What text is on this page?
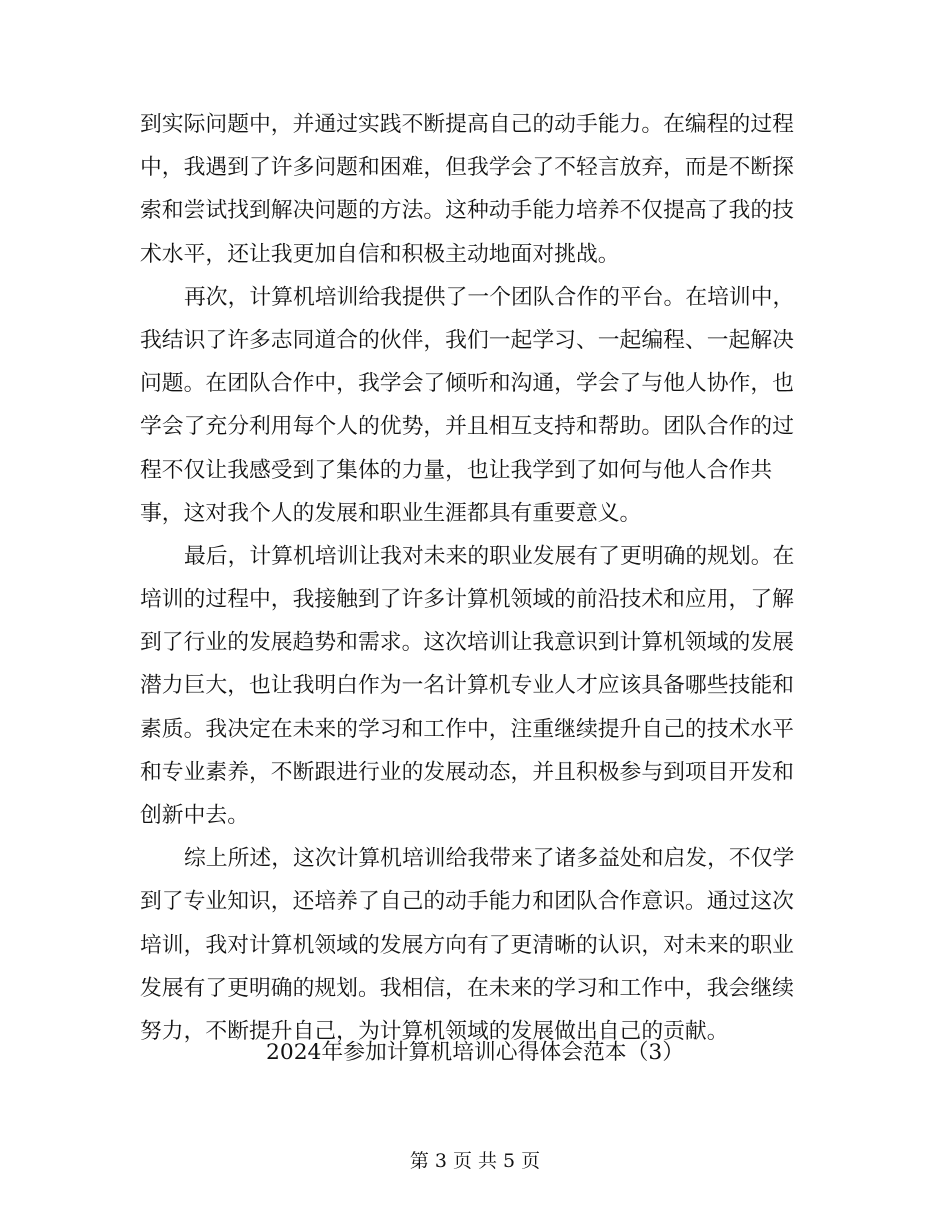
到实际问题中，并通过实践不断提高自己的动手能力。在编程的过程
中，我遇到了许多问题和困难，但我学会了不轻言放弃，而是不断探
索和尝试找到解决问题的方法。这种动手能力培养不仅提高了我的技
术水平，还让我更加自信和积极主动地面对挑战。
再次，计算机培训给我提供了一个团队合作的平台。在培训中，
我结识了许多志同道合的伙伴，我们一起学习、一起编程、一起解决
问题。在团队合作中，我学会了倾听和沟通，学会了与他人协作，也
学会了充分利用每个人的优势，并且相互支持和帮助。团队合作的过
程不仅让我感受到了集体的力量，也让我学到了如何与他人合作共
事，这对我个人的发展和职业生涯都具有重要意义。
最后，计算机培训让我对未来的职业发展有了更明确的规划。在
培训的过程中，我接触到了许多计算机领域的前沿技术和应用，了解
到了行业的发展趋势和需求。这次培训让我意识到计算机领域的发展
潜力巨大，也让我明白作为一名计算机专业人才应该具备哪些技能和
素质。我决定在未来的学习和工作中，注重继续提升自己的技术水平
和专业素养，不断跟进行业的发展动态，并且积极参与到项目开发和
创新中去。
综上所述，这次计算机培训给我带来了诸多益处和启发，不仅学
到了专业知识，还培养了自己的动手能力和团队合作意识。通过这次
培训，我对计算机领域的发展方向有了更清晰的认识，对未来的职业
发展有了更明确的规划。我相信，在未来的学习和工作中，我会继续
努力，不断提升自己，为计算机领域的发展做出自己的贡献。
2024年参加计算机培训心得体会范本（3）
第 3 页 共 5 页
